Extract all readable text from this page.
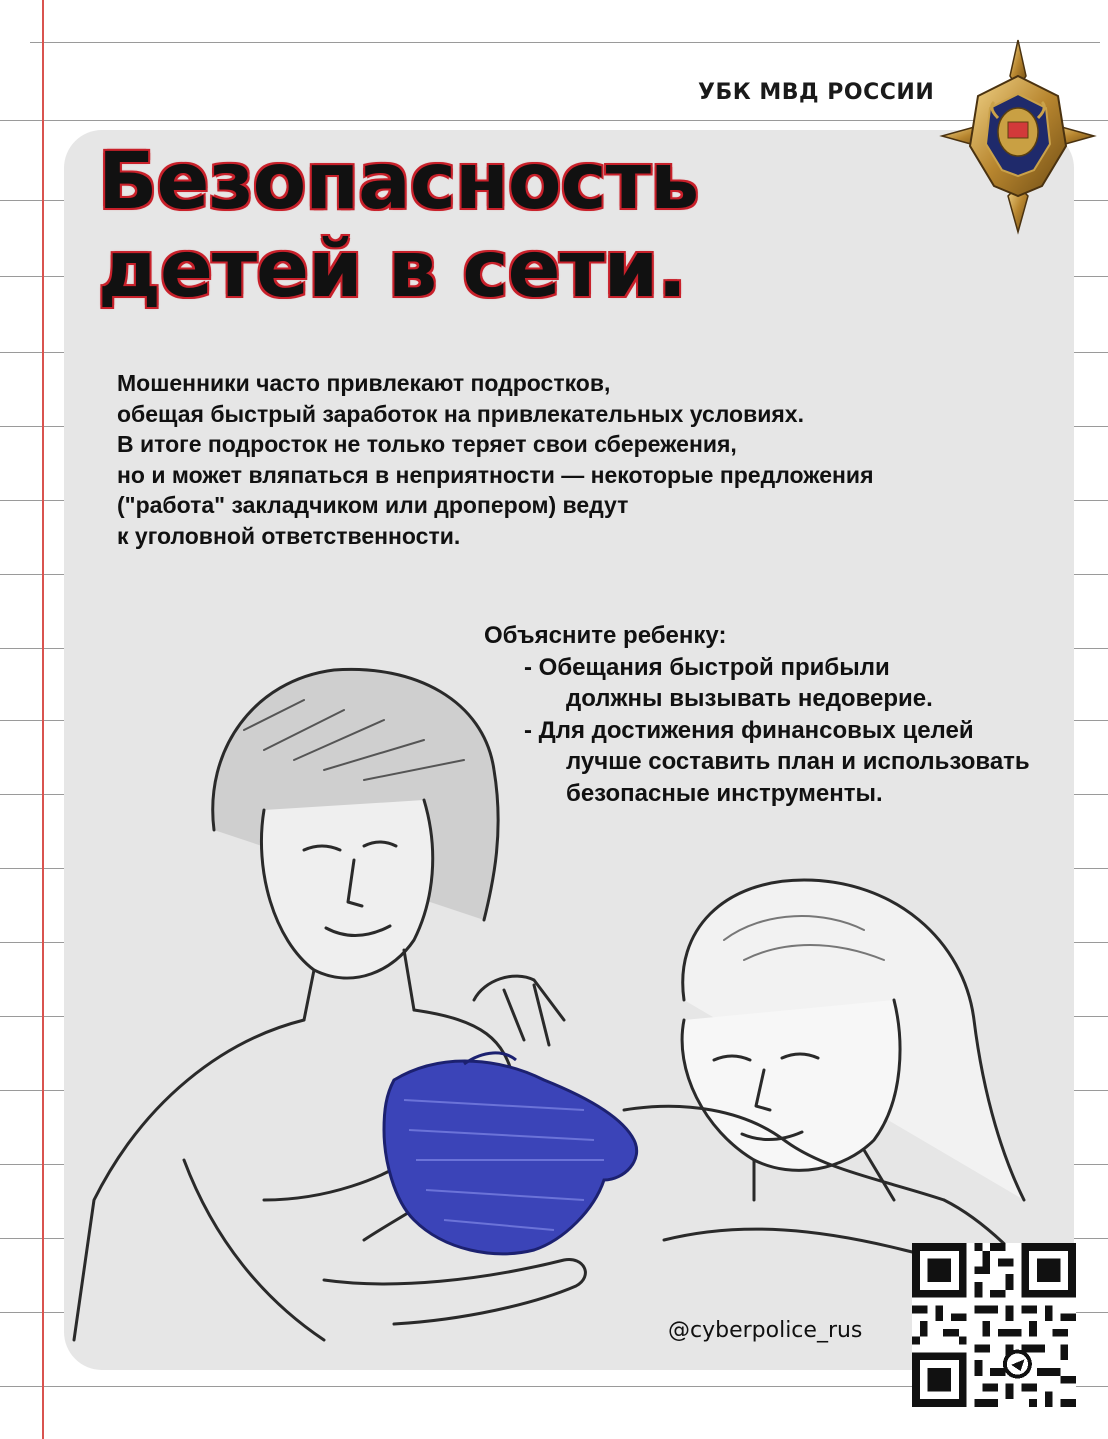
УБК МВД РОССИИ
Безопасность
детей в сети.
Мошенники часто привлекают подростков,
обещая быстрый заработок на привлекательных условиях.
В итоге подросток не только теряет свои сбережения,
но и может вляпаться в неприятности — некоторые предложения
("работа" закладчиком или дропером) ведут
к уголовной ответственности.
Объясните ребенку:
- Обещания быстрой прибыли
должны вызывать недоверие.
- Для достижения финансовых целей
лучше составить план и использовать
безопасные инструменты.
@cyberpolice_rus
